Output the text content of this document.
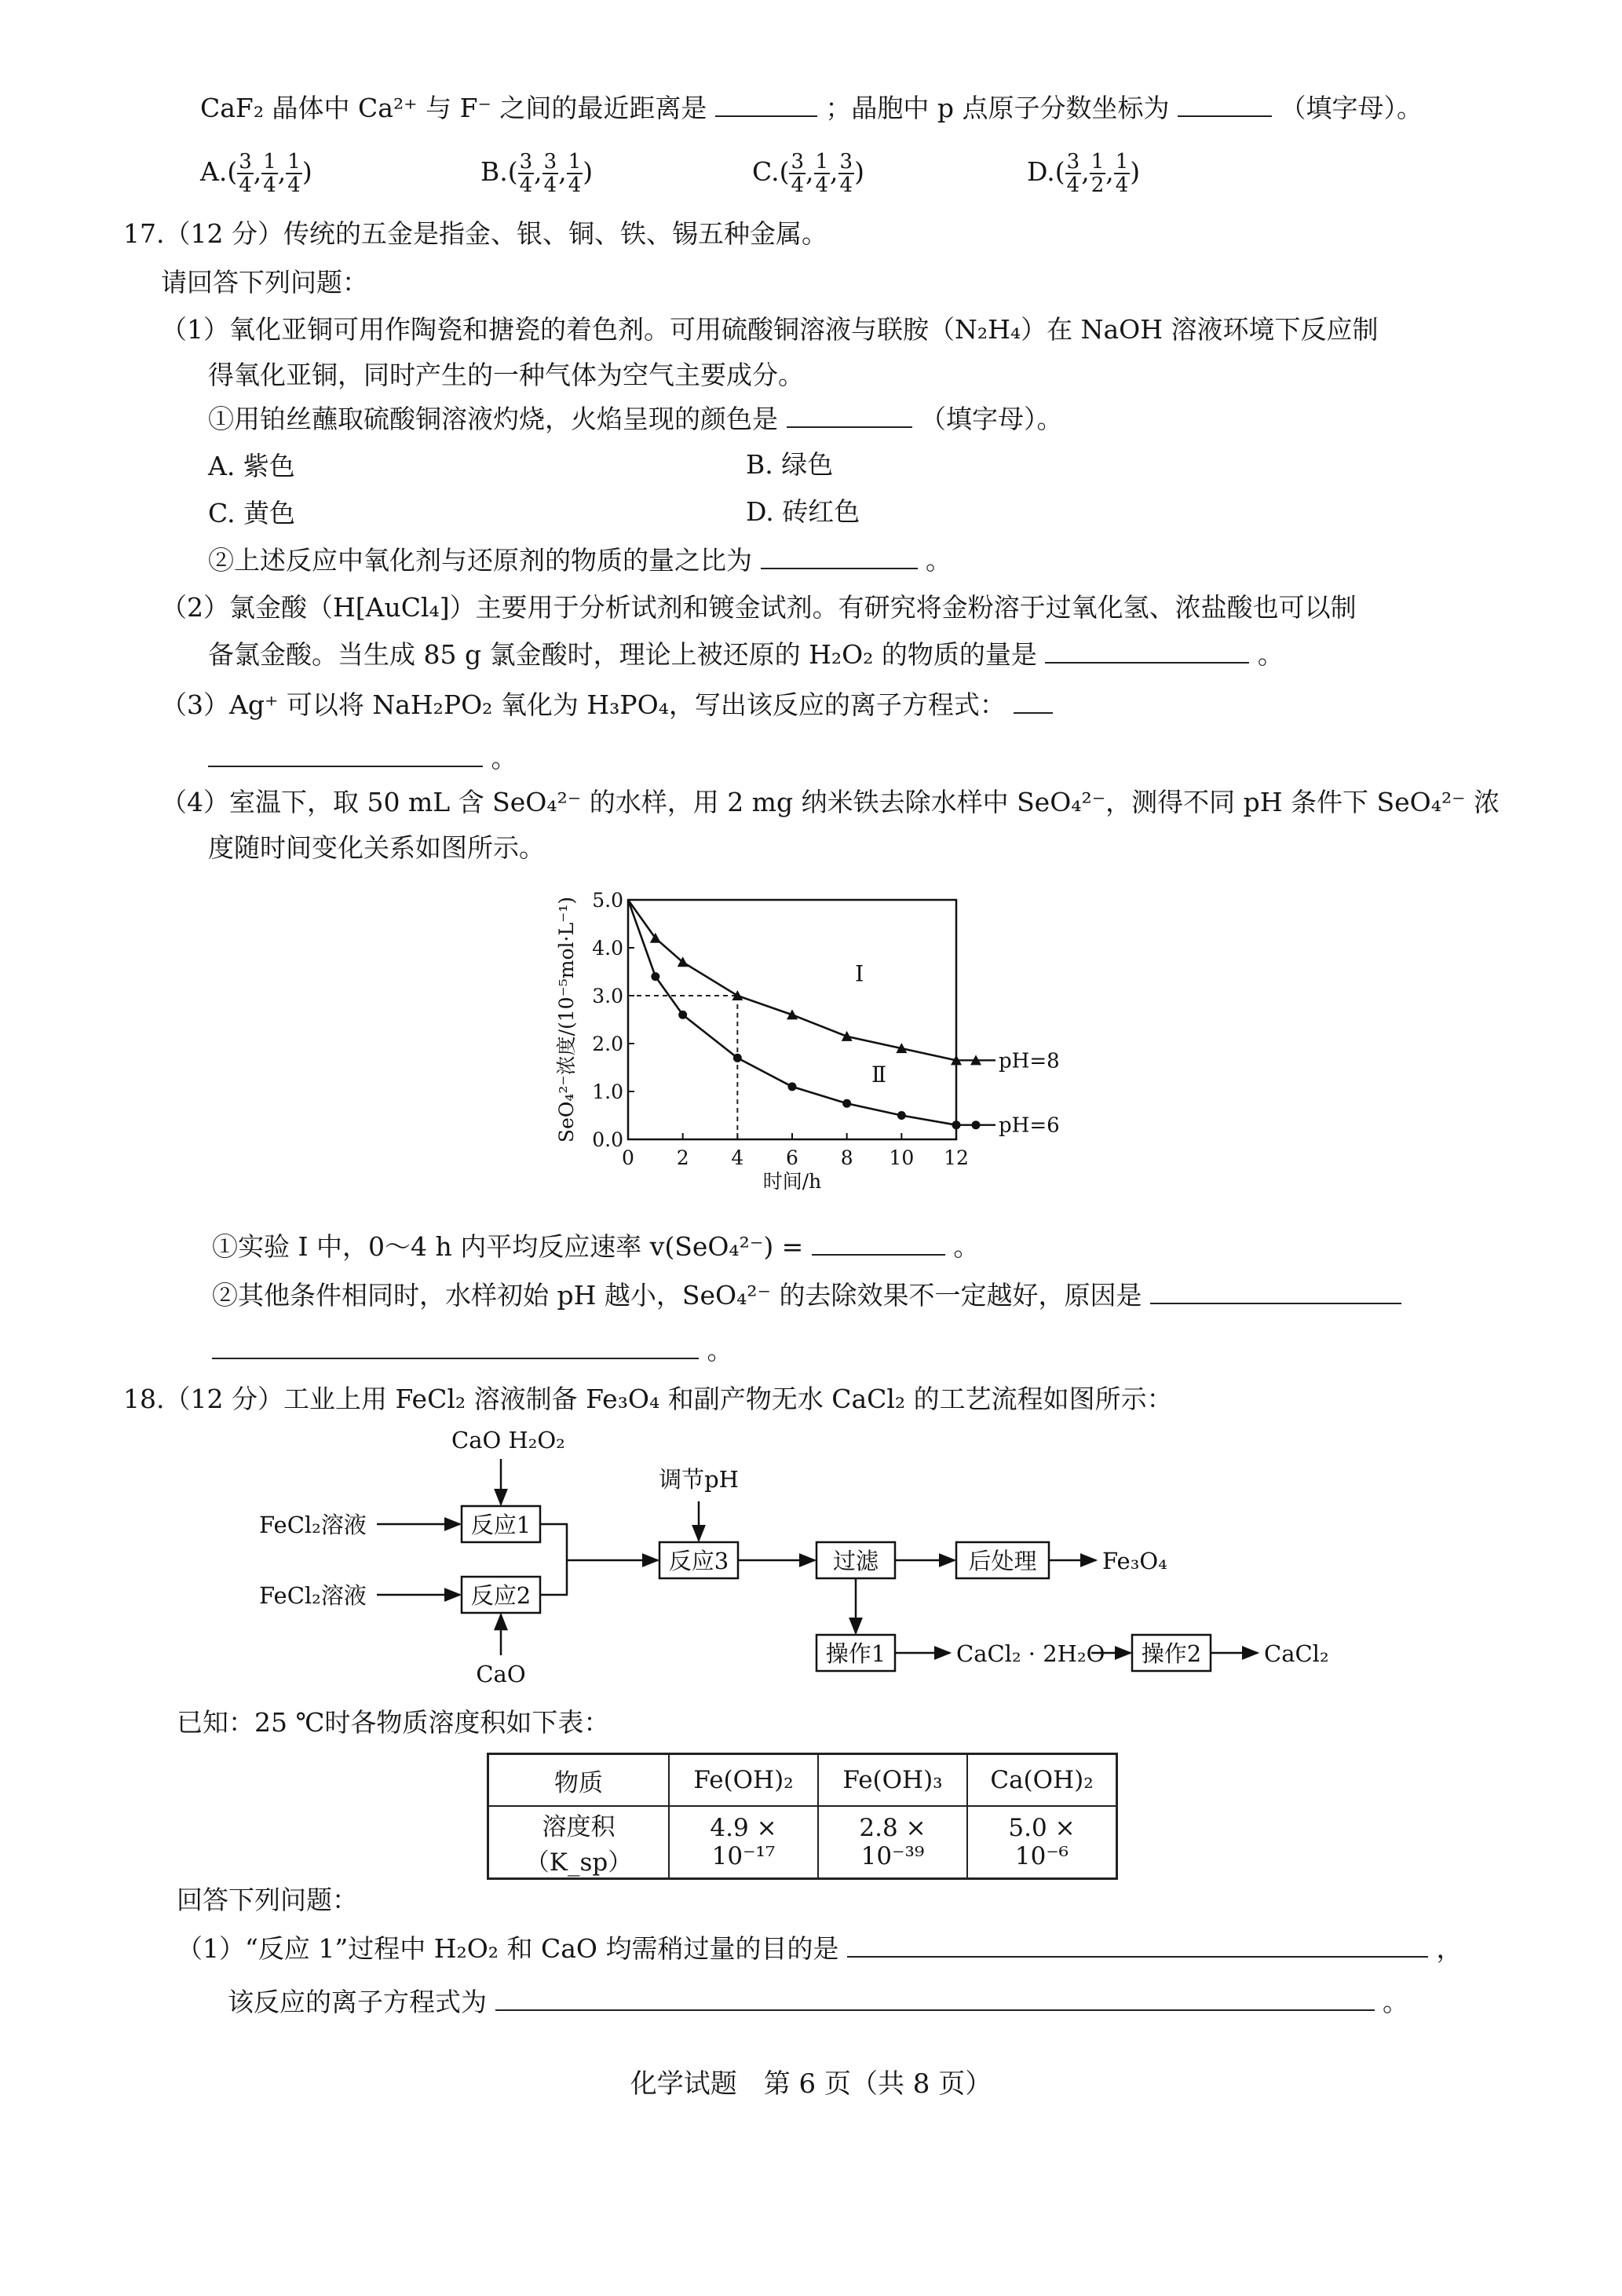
CaF₂ 晶体中 Ca²⁺ 与 F⁻ 之间的最近距离是	；晶胞中 p 点原子分数坐标为	（填字母）。
$A.( \frac{3}{4}$ , $\frac{1}{4}$ , $\frac{1}{4}$ )	$B.( \frac{3}{4}$ , $\frac{3}{4}$ , $\frac{1}{4}$ )	$C.( \frac{3}{4}$ , $\frac{1}{4}$ , $\frac{3}{4}$ )	$D.( \frac{3}{4}$ , $\frac{1}{2}$ , $\frac{1}{4}$ )
17.（12 分）传统的五金是指金、银、铜、铁、锡五种金属。
请回答下列问题：
（1）氧化亚铜可用作陶瓷和搪瓷的着色剂。可用硫酸铜溶液与联胺（N₂H₄）在 NaOH 溶液环境下反应制
得氧化亚铜，同时产生的一种气体为空气主要成分。
①用铂丝蘸取硫酸铜溶液灼烧，火焰呈现的颜色是	（填字母）。
A. 紫色	B. 绿色
C. 黄色	D. 砖红色
②上述反应中氧化剂与还原剂的物质的量之比为	。
（2）氯金酸（H[AuCl₄]）主要用于分析试剂和镀金试剂。有研究将金粉溶于过氧化氢、浓盐酸也可以制
备氯金酸。当生成 85 g 氯金酸时，理论上被还原的 H₂O₂ 的物质的量是	。
（3）Ag⁺ 可以将 NaH₂PO₂ 氧化为 H₃PO₄，写出该反应的离子方程式：
。
（4）室温下，取 50 mL 含 SeO₄²⁻ 的水样，用 2 mg 纳米铁去除水样中 SeO₄²⁻，测得不同 pH 条件下 SeO₄²⁻ 浓
度随时间变化关系如图所示。
0.0
1.0
2.0
3.0
4.0
5.0
0 2 4 6 8 10 12
时间/h
SeO₄²⁻浓度/(10⁻⁵mol·L⁻¹)	pH=8
Ⅰ
pH=6
Ⅱ
①实验 Ⅰ 中，0～4 h 内平均反应速率 v(SeO₄²⁻) =	。
②其他条件相同时，水样初始 pH 越小，SeO₄²⁻ 的去除效果不一定越好，原因是
。
18.（12 分）工业上用 FeCl₂ 溶液制备 Fe₃O₄ 和副产物无水 CaCl₂ 的工艺流程如图所示：
CaO H₂O₂
FeCl₂溶液
FeCl₂溶液
反应1
反应2
CaO
调节pH
反应3	过滤	后处理	Fe₃O₄
操作1	CaCl₂ · 2H₂O 操作2	CaCl₂
已知：25 ℃时各物质溶度积如下表：
物质	Fe(OH)₂	Fe(OH)₃	Ca(OH)₂
溶度积（K_sp）	4.9 × 10⁻¹⁷	2.8 × 10⁻³⁹	5.0 × 10⁻⁶
回答下列问题：
（1）“反应 1”过程中 H₂O₂ 和 CaO 均需稍过量的目的是	，
该反应的离子方程式为	。
化学试题　第 6 页（共 8 页）
